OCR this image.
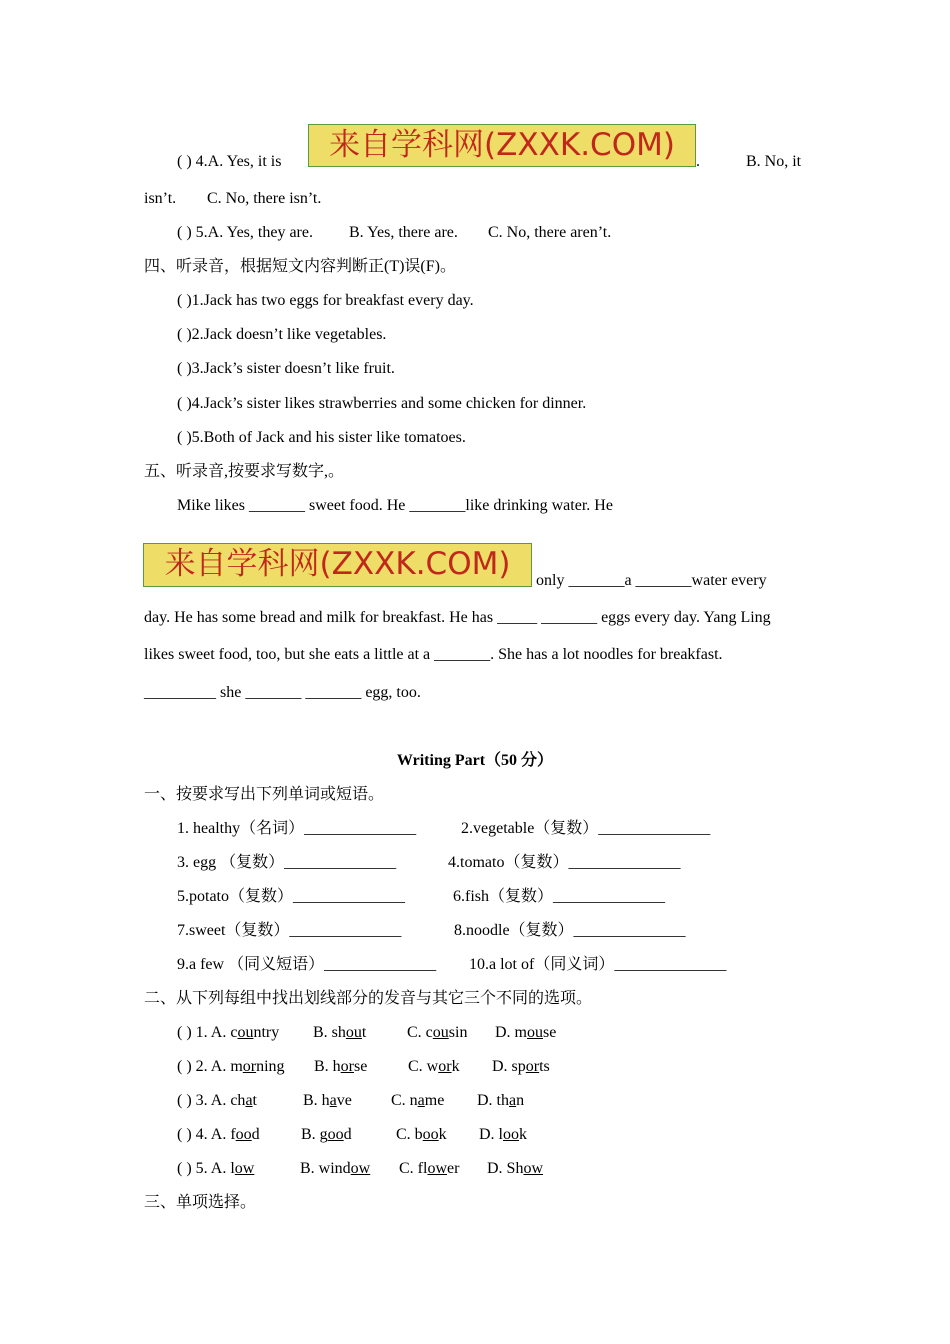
( ) 4.A. Yes, it is	来自学科网(ZXXK.COM)	.	B. No, it
isn’t. C. No, there isn’t.
( ) 5.A. Yes, they are. B. Yes, there are. C. No, there aren’t.
四、听录音，根据短文内容判断正(T)误(F)。
( )1.Jack has two eggs for breakfast every day.
( )2.Jack doesn’t like vegetables.
( )3.Jack’s sister doesn’t like fruit.
( )4.Jack’s sister likes strawberries and some chicken for dinner.
( )5.Both of Jack and his sister like tomatoes.
五、听录音,按要求写数字,。
Mike likes _______ sweet food. He _______like drinking water. He
来自学科网(ZXXK.COM)	only _______a _______water every
day. He has some bread and milk for breakfast. He has _____ _______ eggs every day. Yang Ling
likes sweet food, too, but she eats a little at a _______. She has a lot noodles for breakfast.
_________ she _______ _______ egg, too.
Writing Part（50 分）
一、按要求写出下列单词或短语。
1. healthy（名词）______________	2.vegetable（复数）______________
3. egg （复数）______________	4.tomato（复数）______________
5.potato（复数）______________	6.fish（复数）______________
7.sweet（复数）______________	8.noodle（复数）______________
9.a few （同义短语）______________ 10.a lot of（同义词）______________
二、从下列每组中找出划线部分的发音与其它三个不同的选项。
( ) 1. A. country B. shout	C. cousin D. mouse
( ) 2. A. morning B. horse	C. work D. sports
( ) 3. A. chat	B. have C. name D. than
( ) 4. A. food	B. good	C. book D. look
( ) 5. A. low	B. window C. flower D. Show
三、单项选择。
